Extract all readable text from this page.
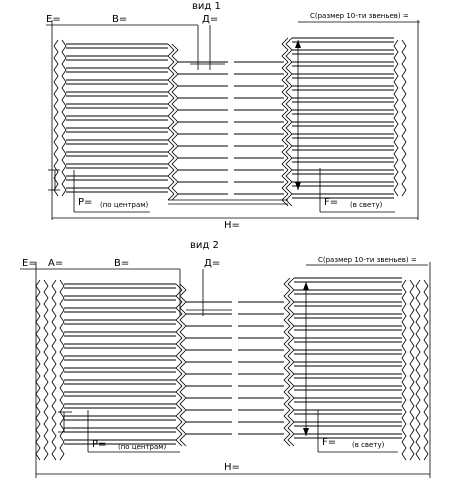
вид 1
E=	B=	Д=	С(размер 10-ти звеньев) =
P= (по центрам)	F= (в свету)
H=
вид 2
E= A=	B=	Д=	С(размер 10-ти звеньев) =
P= (по центрам)	F= (в свету)
H=
